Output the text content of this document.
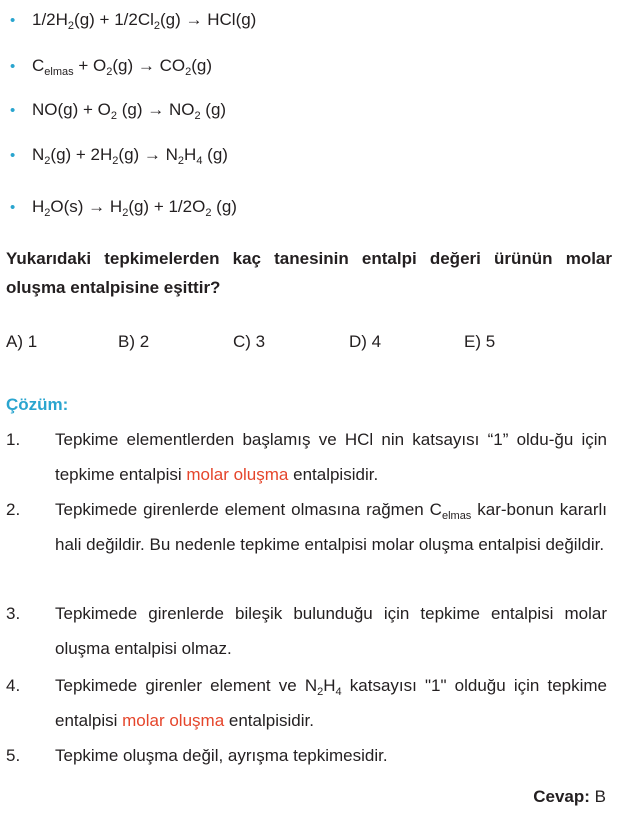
• $1/2H_2(g) + 1/2Cl_2(g) \to HCl(g)$
• $C_{elmas} + O_2(g) \to CO_2(g)$
• $NO(g) + O_2$ $(g) \to NO_2$ (g)
• $N_2(g) + 2H_2(g) \to N_2H_4$ (g)
• $H_2O(s) \to H_2(g) + 1/2O_2$ (g)
Yukarıdaki tepkimelerden kaç tanesinin entalpi değeri ürünün molar oluşma entalpisine eşittir?
A) 1	B) 2	C) 3	D) 4	E) 5
Çözüm:
1. Tepkime elementlerden başlamış ve HCl nin katsayısı “1” oldu-ğu için tepkime entalpisi molar oluşma entalpisidir.
2. Tepkimede girenlerde element olmasına rağmen $C_{elmas}$ kar-bonun kararlı hali değildir. Bu nedenle tepkime entalpisi molar oluşma entalpisi değildir.
3. Tepkimede girenlerde bileşik bulunduğu için tepkime entalpisi molar oluşma entalpisi olmaz.
4. Tepkimede girenler element ve $N_2H_4$ katsayısı "1" olduğu için tepkime entalpisi molar oluşma entalpisidir.
5. Tepkime oluşma değil, ayrışma tepkimesidir.
Cevap: B
